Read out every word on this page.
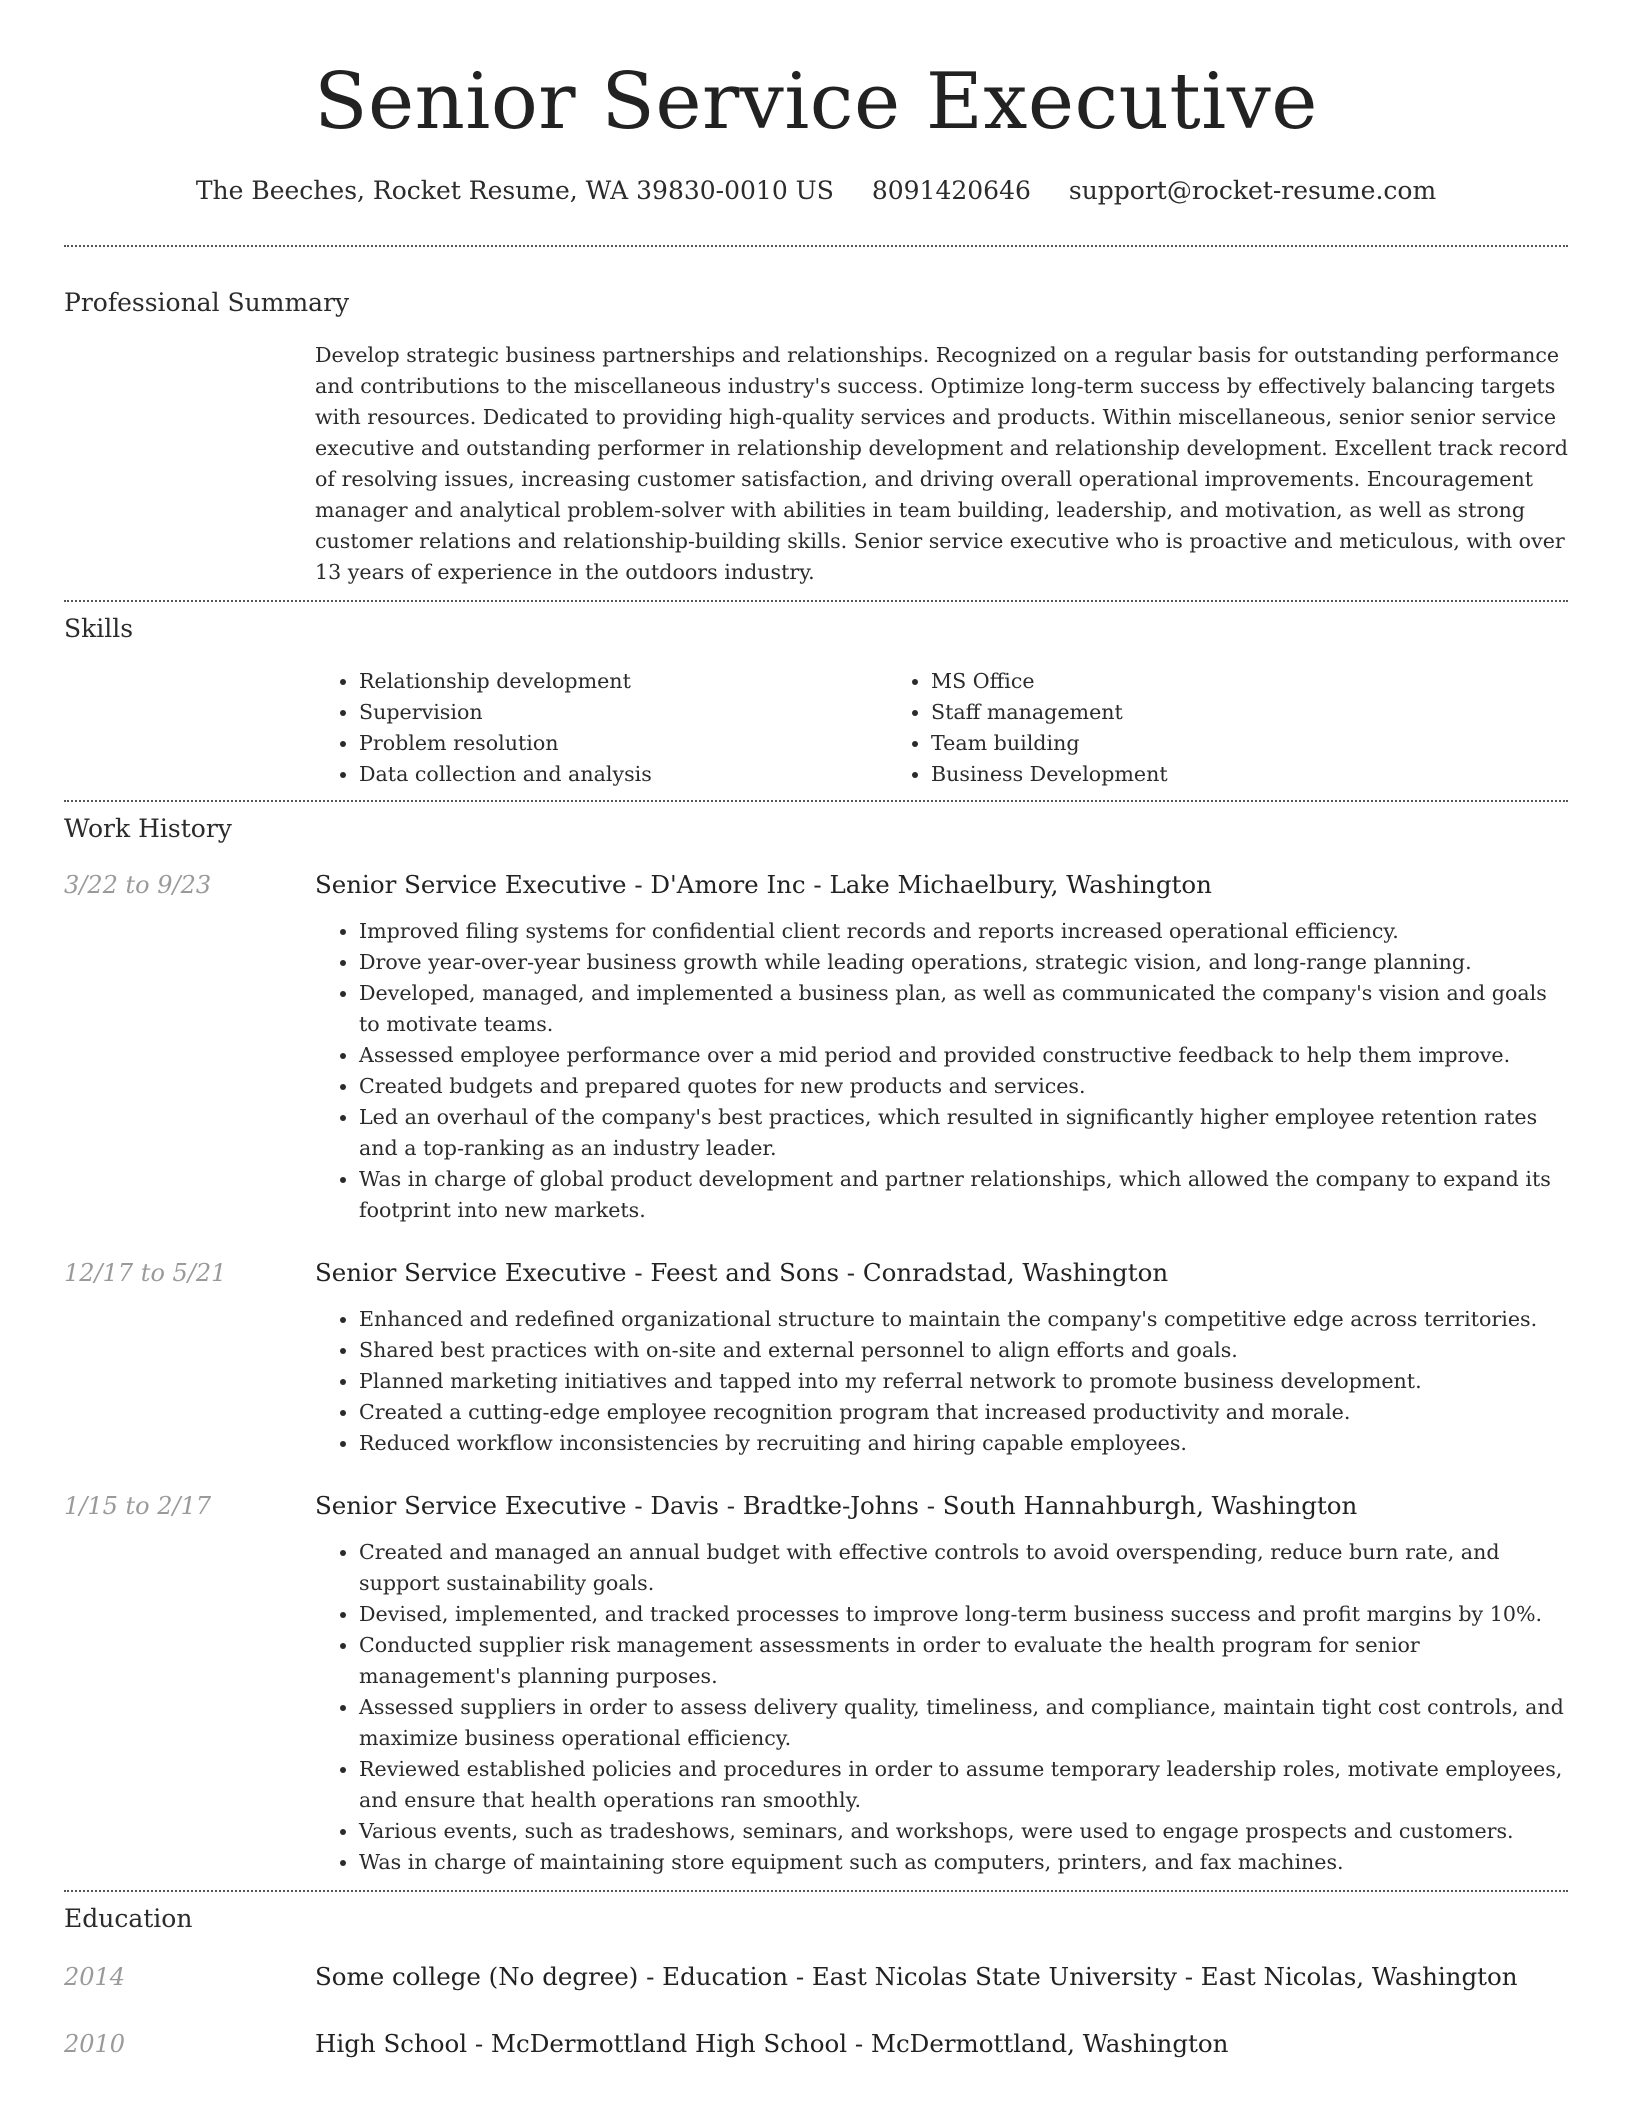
Senior Service Executive
The Beeches, Rocket Resume, WA 39830-0010 US 8091420646 support@rocket-resume.com
Professional Summary

Develop strategic business partnerships and relationships. Recognized on a regular basis for outstanding performance and contributions to the miscellaneous industry's success. Optimize long-term success by effectively balancing targets with resources. Dedicated to providing high-quality services and products. Within miscellaneous, senior senior service executive and outstanding performer in relationship development and relationship development. Excellent track record of resolving issues, increasing customer satisfaction, and driving overall operational improvements. Encouragement manager and analytical problem-solver with abilities in team building, leadership, and motivation, as well as strong customer relations and relationship-building skills. Senior service executive who is proactive and meticulous, with over 13 years of experience in the outdoors industry.

Skills
• Relationship development
• Supervision
• Problem resolution
• Data collection and analysis
• MS Office
• Staff management
• Team building
• Business Development
Work History
3/22 to 9/23	Senior Service Executive - D'Amore Inc - Lake Michaelbury, Washington
• Improved filing systems for confidential client records and reports increased operational efficiency.
• Drove year-over-year business growth while leading operations, strategic vision, and long-range planning.
• Developed, managed, and implemented a business plan, as well as communicated the company's vision and goals to motivate teams.
• Assessed employee performance over a mid period and provided constructive feedback to help them improve.
• Created budgets and prepared quotes for new products and services.
• Led an overhaul of the company's best practices, which resulted in significantly higher employee retention rates and a top-ranking as an industry leader.
• Was in charge of global product development and partner relationships, which allowed the company to expand its footprint into new markets.
12/17 to 5/21	Senior Service Executive - Feest and Sons - Conradstad, Washington
• Enhanced and redefined organizational structure to maintain the company's competitive edge across territories.
• Shared best practices with on-site and external personnel to align efforts and goals.
• Planned marketing initiatives and tapped into my referral network to promote business development.
• Created a cutting-edge employee recognition program that increased productivity and morale.
• Reduced workflow inconsistencies by recruiting and hiring capable employees.
1/15 to 2/17	Senior Service Executive - Davis - Bradtke-Johns - South Hannahburgh, Washington
• Created and managed an annual budget with effective controls to avoid overspending, reduce burn rate, and support sustainability goals.
• Devised, implemented, and tracked processes to improve long-term business success and profit margins by 10%.
• Conducted supplier risk management assessments in order to evaluate the health program for senior management's planning purposes.
• Assessed suppliers in order to assess delivery quality, timeliness, and compliance, maintain tight cost controls, and maximize business operational efficiency.
• Reviewed established policies and procedures in order to assume temporary leadership roles, motivate employees, and ensure that health operations ran smoothly.
• Various events, such as tradeshows, seminars, and workshops, were used to engage prospects and customers.
• Was in charge of maintaining store equipment such as computers, printers, and fax machines.
Education
2014	Some college (No degree) - Education - East Nicolas State University - East Nicolas, Washington
2010	High School - McDermottland High School - McDermottland, Washington
